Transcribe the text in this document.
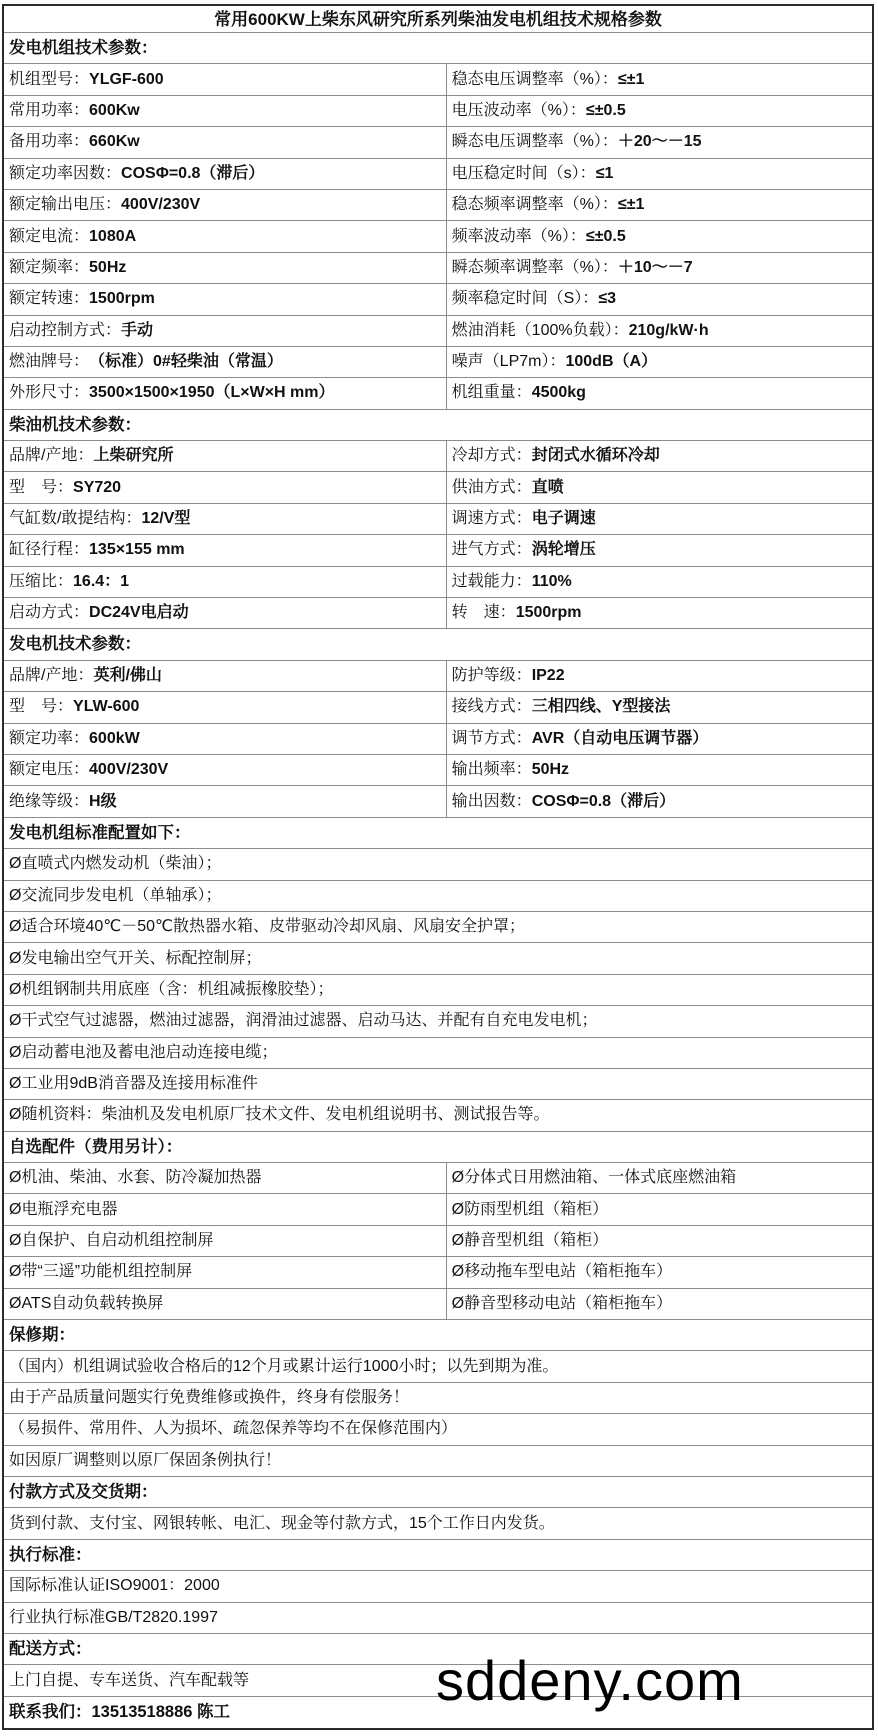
常用600KW上柴东风研究所系列柴油发电机组技术规格参数
发电机组技术参数：
机组型号： YLGF-600	稳态电压调整率（%）： ≤±1
常用功率： 600Kw	电压波动率（%）： ≤±0.5
备用功率： 660Kw	瞬态电压调整率（%）： ＋20～－15
额定功率因数： COSΦ=0.8（滞后）	电压稳定时间（s）： ≤1
额定输出电压： 400V/230V	稳态频率调整率（%）： ≤±1
额定电流： 1080A	频率波动率（%）： ≤±0.5
额定频率： 50Hz	瞬态频率调整率（%）： ＋10～－7
额定转速： 1500rpm	频率稳定时间（S）： ≤3
启动控制方式： 手动	燃油消耗（100%负载）： 210g/kW·h
燃油牌号： （标准）0#轻柴油（常温）	噪声（LP7m）： 100dB（A）
外形尺寸： 3500×1500×1950（L×W×H mm）	机组重量： 4500kg
柴油机技术参数：
品牌/产地： 上柴研究所	冷却方式： 封闭式水循环冷却
型　号： SY720	供油方式： 直喷
气缸数/敢提结构： 12/V型	调速方式： 电子调速
缸径行程： 135×155 mm	进气方式： 涡轮增压
压缩比： 16.4：1	过载能力： 110%
启动方式： DC24V电启动	转　速： 1500rpm
发电机技术参数：
品牌/产地： 英利/佛山	防护等级： IP22
型　号： YLW-600	接线方式： 三相四线、Y型接法
额定功率： 600kW	调节方式： AVR（自动电压调节器）
额定电压： 400V/230V	输出频率： 50Hz
绝缘等级： H级	输出因数： COSΦ=0.8（滞后）
发电机组标准配置如下：
Ø直喷式内燃发动机（柴油）；
Ø交流同步发电机（单轴承）；
Ø适合环境40℃－50℃散热器水箱、皮带驱动冷却风扇、风扇安全护罩；
Ø发电输出空气开关、标配控制屏；
Ø机组钢制共用底座（含：机组减振橡胶垫）；
Ø干式空气过滤器，燃油过滤器，润滑油过滤器、启动马达、并配有自充电发电机；
Ø启动蓄电池及蓄电池启动连接电缆；
Ø工业用9dB消音器及连接用标准件
Ø随机资料：柴油机及发电机原厂技术文件、发电机组说明书、测试报告等。
自选配件（费用另计）：
Ø机油、柴油、水套、防冷凝加热器	Ø分体式日用燃油箱、一体式底座燃油箱
Ø电瓶浮充电器	Ø防雨型机组（箱柜）
Ø自保护、自启动机组控制屏	Ø静音型机组（箱柜）
Ø带“三遥”功能机组控制屏	Ø移动拖车型电站（箱柜拖车）
ØATS自动负载转换屏	Ø静音型移动电站（箱柜拖车）
保修期：
（国内）机组调试验收合格后的12个月或累计运行1000小时；以先到期为准。
由于产品质量问题实行免费维修或换件，终身有偿服务！
（易损件、常用件、人为损坏、疏忽保养等均不在保修范围内）
如因原厂调整则以原厂保固条例执行！
付款方式及交货期：
货到付款、支付宝、网银转帐、电汇、现金等付款方式，15个工作日内发货。
执行标准：
国际标准认证ISO9001：2000
行业执行标准GB/T2820.1997
配送方式：
上门自提、专车送货、汽车配载等
联系我们：13513518886 陈工
sddeny.com
